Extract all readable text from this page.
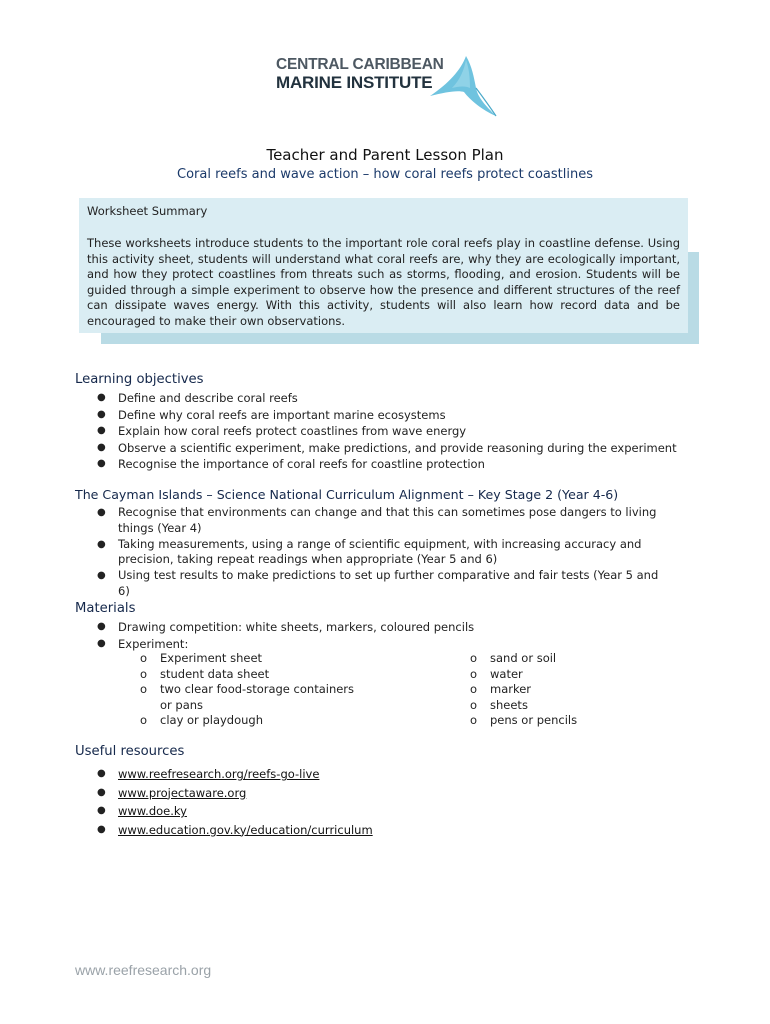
CENTRAL CARIBBEAN
MARINE INSTITUTE
Teacher and Parent Lesson Plan
Coral reefs and wave action – how coral reefs protect coastlines
Worksheet Summary
These worksheets introduce students to the important role coral reefs play in coastline defense. Using this activity sheet, students will understand what coral reefs are, why they are ecologically important, and how they protect coastlines from threats such as storms, flooding, and erosion. Students will be guided through a simple experiment to observe how the presence and different structures of the reef can dissipate waves energy. With this activity, students will also learn how record data and be encouraged to make their own observations.
Learning objectives
● Define and describe coral reefs
● Define why coral reefs are important marine ecosystems
● Explain how coral reefs protect coastlines from wave energy
● Observe a scientific experiment, make predictions, and provide reasoning during the experiment
● Recognise the importance of coral reefs for coastline protection
The Cayman Islands – Science National Curriculum Alignment – Key Stage 2 (Year 4-6)
● Recognise that environments can change and that this can sometimes pose dangers to living things (Year 4)
● Taking measurements, using a range of scientific equipment, with increasing accuracy and precision, taking repeat readings when appropriate (Year 5 and 6)
● Using test results to make predictions to set up further comparative and fair tests (Year 5 and 6)
Materials
● Drawing competition: white sheets, markers, coloured pencils
● Experiment:
o Experiment sheet
o student data sheet
o two clear food-storage containers or pans
o clay or playdough
o sand or soil
o water
o marker
o sheets
o pens or pencils
Useful resources
● www.reefresearch.org/reefs-go-live
● www.projectaware.org
● www.doe.ky
● www.education.gov.ky/education/curriculum
www.reefresearch.org
